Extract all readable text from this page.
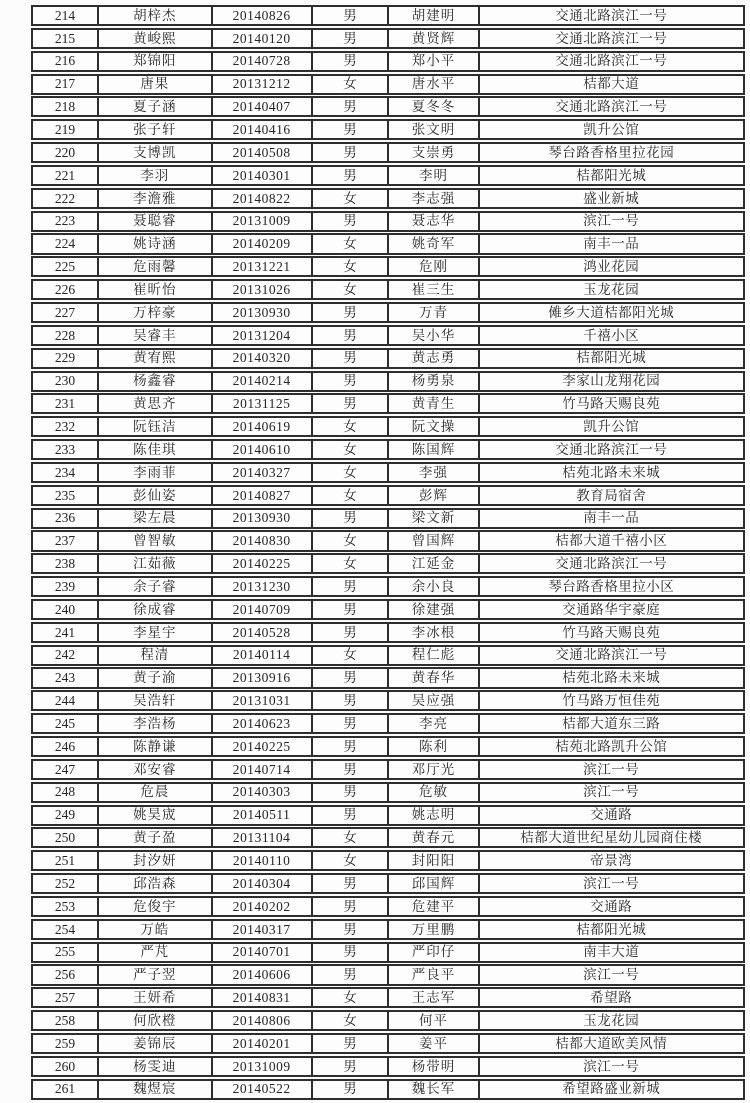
214	胡梓杰	20140826	男	胡建明	交通北路滨江一号
215	黄峻熙	20140120	男	黄贤辉	交通北路滨江一号
216	郑锦阳	20140728	男	郑小平	交通北路滨江一号
217	唐果	20131212	女	唐水平	桔都大道
218	夏子涵	20140407	男	夏冬冬	交通北路滨江一号
219	张子轩	20140416	男	张文明	凯升公馆
220	支博凯	20140508	男	支崇勇	琴台路香格里拉花园
221	李羽	20140301	男	李明	桔都阳光城
222	李澹雅	20140822	女	李志强	盛业新城
223	聂聪睿	20131009	男	聂志华	滨江一号
224	姚诗涵	20140209	女	姚奇军	南丰一品
225	危雨馨	20131221	女	危刚	鸿业花园
226	崔昕怡	20131026	女	崔三生	玉龙花园
227	万梓豪	20130930	男	万青	傩乡大道桔都阳光城
228	吴睿丰	20131204	男	吴小华	千禧小区
229	黄宥熙	20140320	男	黄志勇	桔都阳光城
230	杨鑫睿	20140214	男	杨勇泉	李家山龙翔花园
231	黄思齐	20131125	男	黄青生	竹马路天赐良苑
232	阮钰洁	20140619	女	阮文操	凯升公馆
233	陈佳琪	20140610	女	陈国辉	交通北路滨江一号
234	李雨菲	20140327	女	李强	桔苑北路未来城
235	彭仙姿	20140827	女	彭辉	教育局宿舍
236	梁左晨	20130930	男	梁文新	南丰一品
237	曾智敏	20140830	女	曾国辉	桔都大道千禧小区
238	江茹薇	20140225	女	江延金	交通北路滨江一号
239	余子睿	20131230	男	余小良	琴台路香格里拉小区
240	徐成睿	20140709	男	徐建强	交通路华宇豪庭
241	李星宇	20140528	男	李冰根	竹马路天赐良苑
242	程清	20140114	女	程仁彪	交通北路滨江一号
243	黄子渝	20130916	男	黄春华	桔苑北路未来城
244	吴浩轩	20131031	男	吴应强	竹马路万恒佳苑
245	李浩杨	20140623	男	李亮	桔都大道东三路
246	陈静谦	20140225	男	陈利	桔苑北路凯升公馆
247	邓安睿	20140714	男	邓厅光	滨江一号
248	危晨	20140303	男	危敏	滨江一号
249	姚昊宬	20140511	男	姚志明	交通路
250	黄子盈	20131104	女	黄春元	桔都大道世纪星幼儿园商住楼
251	封汐妍	20140110	女	封阳阳	帝景湾
252	邱浩森	20140304	男	邱国辉	滨江一号
253	危俊宇	20140202	男	危建平	交通路
254	万皓	20140317	男	万里鹏	桔都阳光城
255	严芃	20140701	男	严印仔	南丰大道
256	严子翌	20140606	男	严良平	滨江一号
257	王妍希	20140831	女	王志军	希望路
258	何欣橙	20140806	女	何平	玉龙花园
259	姜锦辰	20140201	男	姜平	桔都大道欧美风情
260	杨雯迪	20131009	男	杨带明	滨江一号
261	魏煜宸	20140522	男	魏长军	希望路盛业新城
